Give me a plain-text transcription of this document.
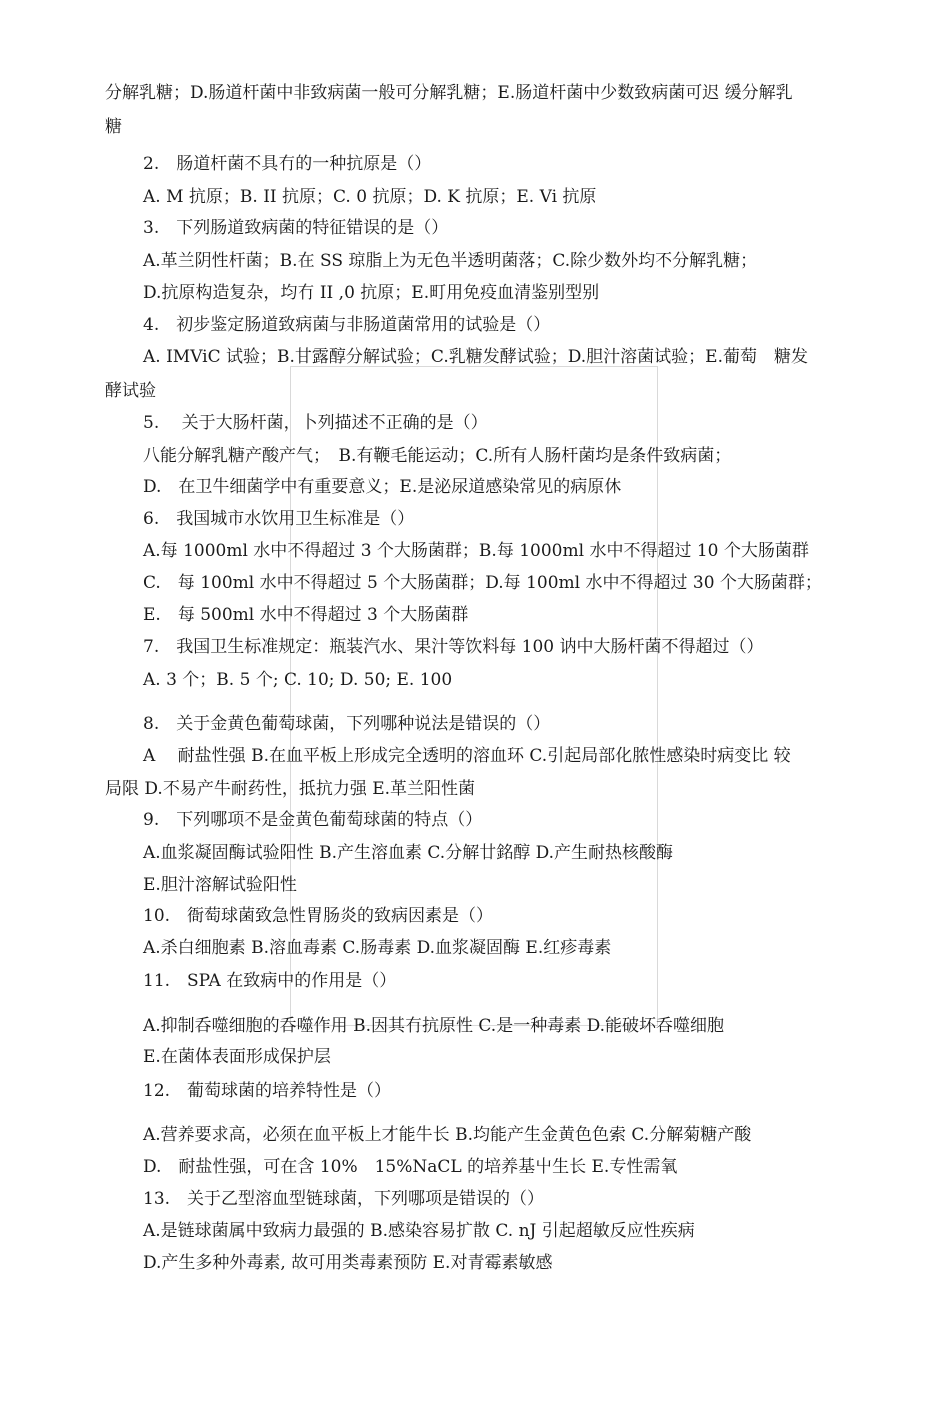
分解乳糖；D.肠道杆菌中非致病菌一般可分解乳糖；E.肠道杆菌中少数致病菌可迟 缓分解乳
糖
2.　肠道杆菌不具冇的一种抗原是（）
A. M 抗原；B. II 抗原；C. 0 抗原；D. K 抗原；E. Vi 抗原
3.　下列肠道致病菌的特征错误的是（）
A.革兰阴性杆菌；B.在 SS 琼脂上为无色半透明菌落；C.除少数外均不分解乳糖；
D.抗原构造复杂，均冇 II ,0 抗原；E.町用免疫血清鉴别型别
4.　初步鉴定肠道致病菌与非肠道菌常用的试验是（）
A. IMViC 试验；B.甘露醇分解试验；C.乳糖发酵试验；D.胆汁溶菌试验；E.葡萄　糖发
酵试验
5.　 关于大肠杆菌，卜列描述不正确的是（）
八能分解乳糖产酸产气；　B.有鞭毛能运动；C.所有人肠杆菌均是条件致病菌；
D.　在卫牛细菌学中有重要意义；E.是泌尿道感染常见的病原休
6.　我国城市水饮用卫生标准是（）
A.每 1000ml 水中不得超过 3 个大肠菌群；B.每 1000ml 水中不得超过 10 个大肠菌群
C.　每 100ml 水中不得超过 5 个大肠菌群；D.每 100ml 水中不得超过 30 个大肠菌群；
E.　每 500ml 水中不得超过 3 个大肠菌群
7.　我国卫生标准规定：瓶装汽水、果汁等饮料每 100 讷中大肠杆菌不得超过（）
A. 3 个；B. 5 个; C. 10; D. 50; E. 100
8.　关于金黄色葡萄球菌，下列哪种说法是错误的（）
A　 耐盐性强 B.在血平板上形成完全透明的溶血环 C.引起局部化脓性感染时病变比 较
局限 D.不易产牛耐药性，抵抗力强 E.革兰阳性菌
9.　下列哪项不是金黄色葡萄球菌的特点（）
A.血浆凝固酶试验阳性 B.产生溶血素 C.分解廿銘醇 D.产生耐热核酸酶
E.胆汁溶解试验阳性
10.　衙萄球菌致急性胃肠炎的致病因素是（）
A.杀白细胞素 B.溶血毒素 C.肠毒素 D.血浆凝固酶 E.红疹毒素
11.　SPA 在致病中的作用是（）
A.抑制呑噬细胞的呑噬作用 B.因其冇抗原性 C.是一种毒素 D.能破坏呑噬细胞
E.在菌体表面形成保护层
12.　葡萄球菌的培养特性是（）
A.营养要求高，必须在血平板上才能牛长 B.均能产生金黄色色索 C.分解菊糖产酸
D.　耐盐性强，可在含 10%　15%NaCL 的培养基屮生长 E.专性需氧
13.　关于乙型溶血型链球菌，下列哪项是错误的（）
A.是链球菌属中致病力最强的 B.感染容易扩散 C. nJ 引起超敏反应性疾病
D.产生多种外毒素, 故可用类毒素预防 E.对青霉素敏感
